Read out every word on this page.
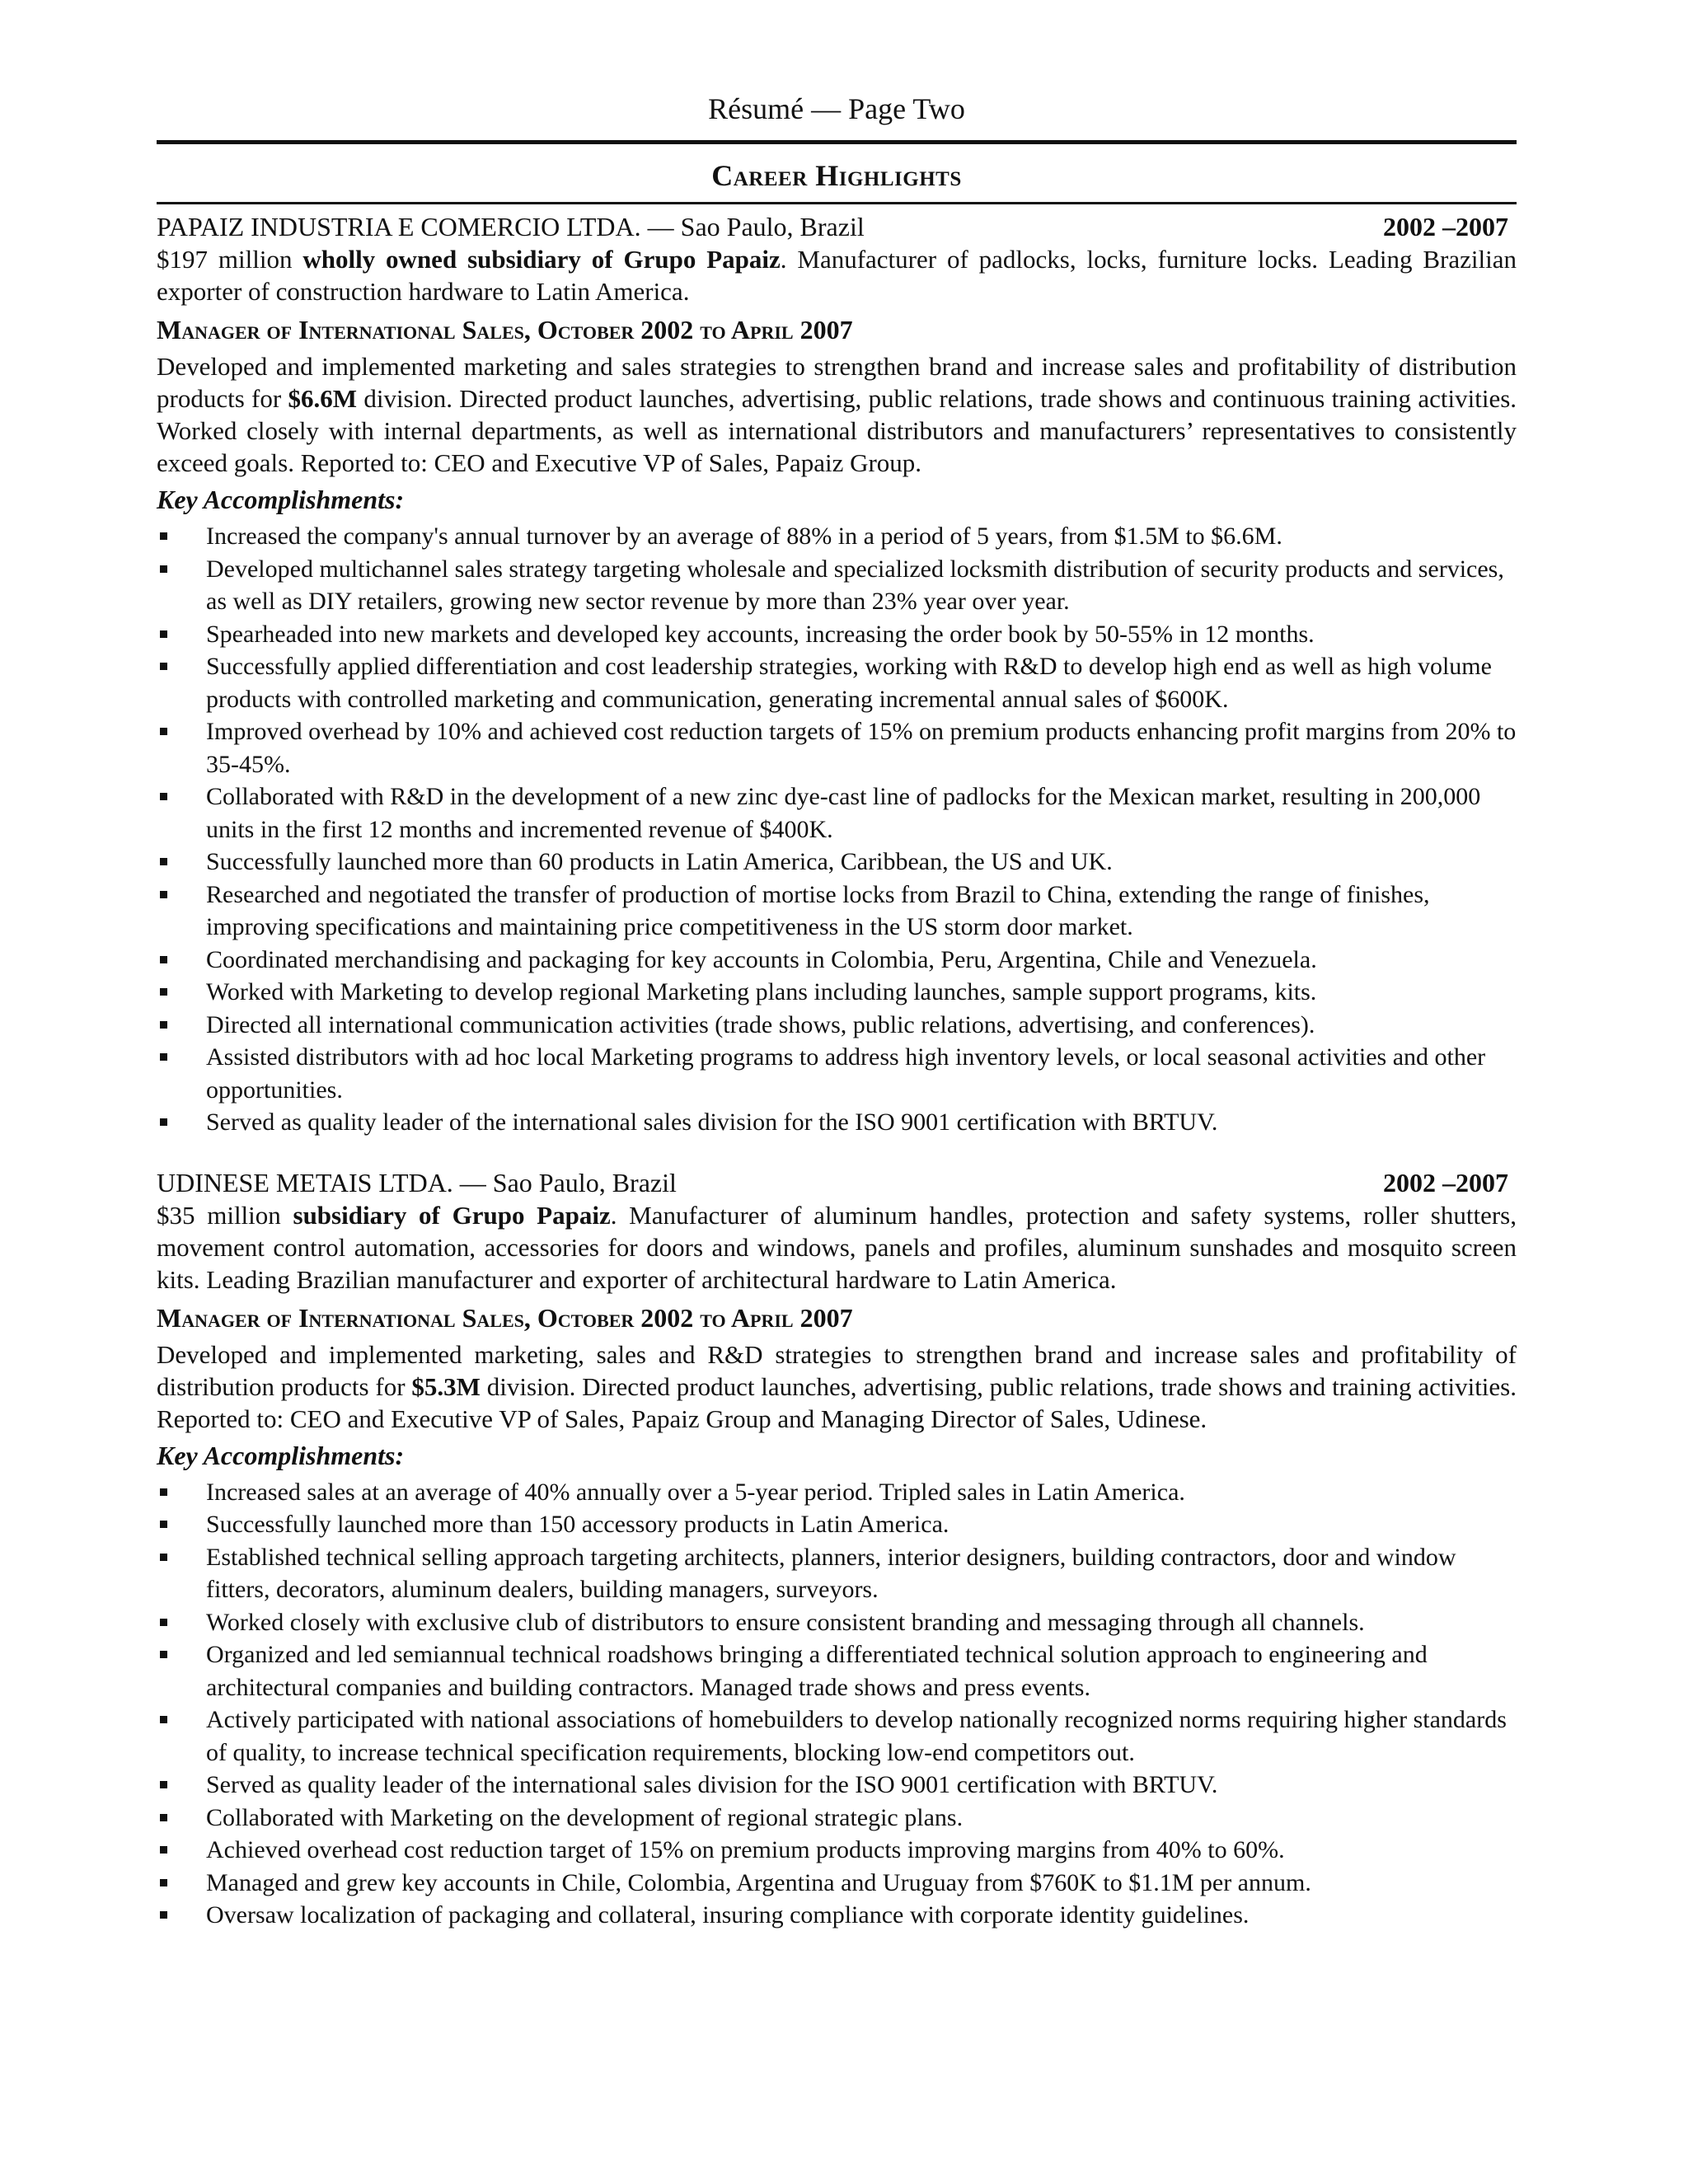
Résumé — Page Two
Career Highlights
PAPAIZ INDUSTRIA E COMERCIO LTDA. — Sao Paulo, Brazil	2002 –2007

$197 million wholly owned subsidiary of Grupo Papaiz. Manufacturer of padlocks, locks, furniture locks. Leading Brazilian exporter of construction hardware to Latin America.

Manager of International Sales, October 2002 to April 2007

Developed and implemented marketing and sales strategies to strengthen brand and increase sales and profitability of distribution products for $6.6M division. Directed product launches, advertising, public relations, trade shows and continuous training activities. Worked closely with internal departments, as well as international distributors and manufacturers’ representatives to consistently exceed goals. Reported to: CEO and Executive VP of Sales, Papaiz Group.

Key Accomplishments:
Increased the company's annual turnover by an average of 88% in a period of 5 years, from $1.5M to $6.6M.
Developed multichannel sales strategy targeting wholesale and specialized locksmith distribution of security products and services, as well as DIY retailers, growing new sector revenue by more than 23% year over year.
Spearheaded into new markets and developed key accounts, increasing the order book by 50-55% in 12 months.
Successfully applied differentiation and cost leadership strategies, working with R&D to develop high end as well as high volume products with controlled marketing and communication, generating incremental annual sales of $600K.
Improved overhead by 10% and achieved cost reduction targets of 15% on premium products enhancing profit margins from 20% to 35-45%.
Collaborated with R&D in the development of a new zinc dye-cast line of padlocks for the Mexican market, resulting in 200,000 units in the first 12 months and incremented revenue of $400K.
Successfully launched more than 60 products in Latin America, Caribbean, the US and UK.
Researched and negotiated the transfer of production of mortise locks from Brazil to China, extending the range of finishes, improving specifications and maintaining price competitiveness in the US storm door market.
Coordinated merchandising and packaging for key accounts in Colombia, Peru, Argentina, Chile and Venezuela.
Worked with Marketing to develop regional Marketing plans including launches, sample support programs, kits.
Directed all international communication activities (trade shows, public relations, advertising, and conferences).
Assisted distributors with ad hoc local Marketing programs to address high inventory levels, or local seasonal activities and other opportunities.
Served as quality leader of the international sales division for the ISO 9001 certification with BRTUV.
UDINESE METAIS LTDA. — Sao Paulo, Brazil	2002 –2007

$35 million subsidiary of Grupo Papaiz. Manufacturer of aluminum handles, protection and safety systems, roller shutters, movement control automation, accessories for doors and windows, panels and profiles, aluminum sunshades and mosquito screen kits. Leading Brazilian manufacturer and exporter of architectural hardware to Latin America.

Manager of International Sales, October 2002 to April 2007

Developed and implemented marketing, sales and R&D strategies to strengthen brand and increase sales and profitability of distribution products for $5.3M division. Directed product launches, advertising, public relations, trade shows and training activities. Reported to: CEO and Executive VP of Sales, Papaiz Group and Managing Director of Sales, Udinese.

Key Accomplishments:
Increased sales at an average of 40% annually over a 5-year period. Tripled sales in Latin America.
Successfully launched more than 150 accessory products in Latin America.
Established technical selling approach targeting architects, planners, interior designers, building contractors, door and window fitters, decorators, aluminum dealers, building managers, surveyors.
Worked closely with exclusive club of distributors to ensure consistent branding and messaging through all channels.
Organized and led semiannual technical roadshows bringing a differentiated technical solution approach to engineering and architectural companies and building contractors. Managed trade shows and press events.
Actively participated with national associations of homebuilders to develop nationally recognized norms requiring higher standards of quality, to increase technical specification requirements, blocking low-end competitors out.
Served as quality leader of the international sales division for the ISO 9001 certification with BRTUV.
Collaborated with Marketing on the development of regional strategic plans.
Achieved overhead cost reduction target of 15% on premium products improving margins from 40% to 60%.
Managed and grew key accounts in Chile, Colombia, Argentina and Uruguay from $760K to $1.1M per annum.
Oversaw localization of packaging and collateral, insuring compliance with corporate identity guidelines.
